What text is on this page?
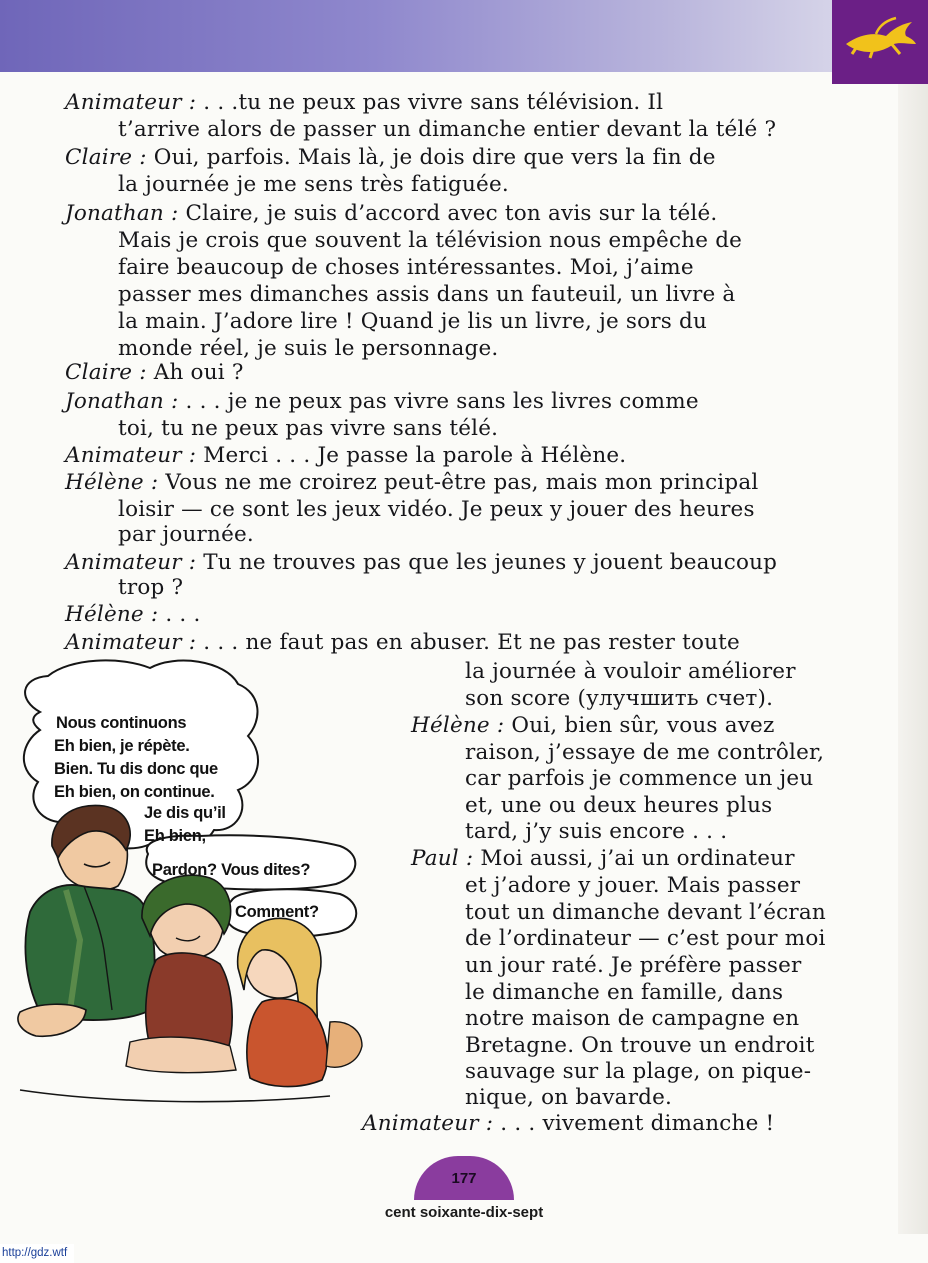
Animateur : . . .tu ne peux pas vivre sans télévision. Il
t’arrive alors de passer un dimanche entier devant la télé ?
Claire : Oui, parfois. Mais là, je dois dire que vers la fin de
la journée je me sens très fatiguée.
Jonathan : Claire, je suis d’accord avec ton avis sur la télé.
Mais je crois que souvent la télévision nous empêche de
faire beaucoup de choses intéressantes. Moi, j’aime
passer mes dimanches assis dans un fauteuil, un livre à
la main. J’adore lire ! Quand je lis un livre, je sors du
monde réel, je suis le personnage.
Claire : Ah oui ?
Jonathan : . . . je ne peux pas vivre sans les livres comme
toi, tu ne peux pas vivre sans télé.
Animateur : Merci . . . Je passe la parole à Hélène.
Hélène : Vous ne me croirez peut-être pas, mais mon principal
loisir — ce sont les jeux vidéo. Je peux y jouer des heures
par journée.
Animateur : Tu ne trouves pas que les jeunes y jouent beaucoup
trop ?
Hélène : . . .
Animateur : . . . ne faut pas en abuser. Et ne pas rester toute
la journée à vouloir améliorer
son score (улучшить счет).
Hélène : Oui, bien sûr, vous avez
raison, j’essaye de me contrôler,
car parfois je commence un jeu
et, une ou deux heures plus
tard, j’y suis encore . . .
Paul : Moi aussi, j’ai un ordinateur
et j’adore y jouer. Mais passer
tout un dimanche devant l’écran
de l’ordinateur — c’est pour moi
un jour raté. Je préfère passer
le dimanche en famille, dans
notre maison de campagne en
Bretagne. On trouve un endroit
sauvage sur la plage, on pique-
nique, on bavarde.
Animateur : . . . vivement dimanche !
Nous continuons
Eh bien, je répète.
Bien. Tu dis donc que
Eh bien, on continue.
Je dis qu’il
Eh bien,
Pardon? Vous dites?
Comment?
177
cent soixante-dix-sept
http://gdz.wtf
